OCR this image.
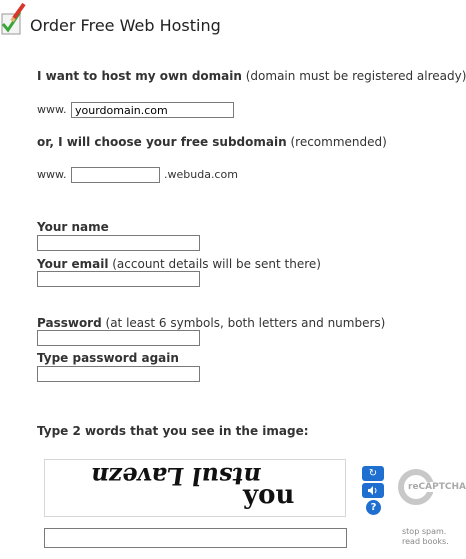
Order Free Web Hosting
I want to host my own domain (domain must be registered already)
www.
yourdomain.com
or, I will choose your free subdomain (recommended)
www.	.webuda.com
Your name
Your email (account details will be sent there)
Password (at least 6 symbols, both letters and numbers)
Type password again
Type 2 words that you see in the image:
ntsul Lavezn
you
↻
?
reCAPTCHA
stop spam.
read books.
